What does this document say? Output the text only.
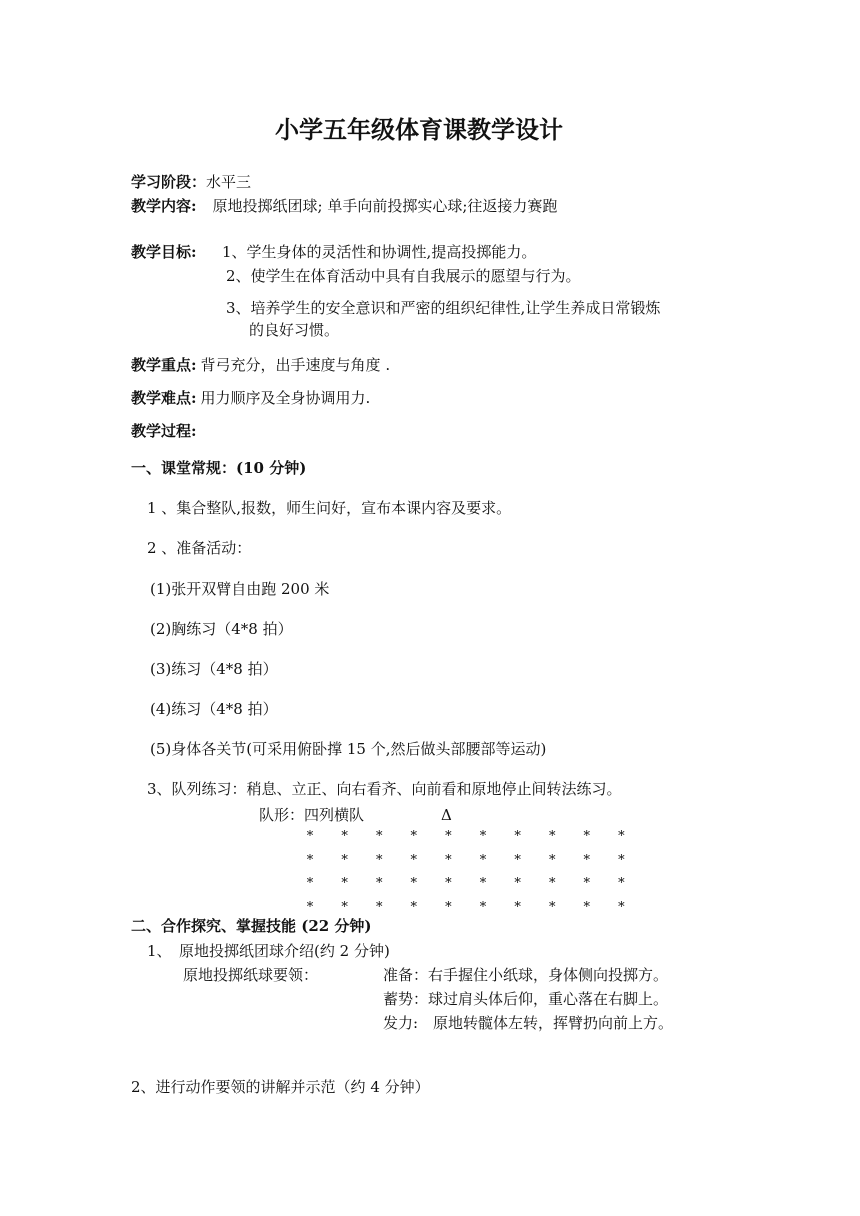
小学五年级体育课教学设计
学习阶段：水平三
教学内容: 原地投掷纸团球; 单手向前投掷实心球;往返接力赛跑
教学目标: 1、学生身体的灵活性和协调性,提高投掷能力。
2、使学生在体育活动中具有自我展示的愿望与行为。
3、培养学生的安全意识和严密的组织纪律性,让学生养成日常锻炼
的良好习惯。
教学重点: 背弓充分，出手速度与角度 .
教学难点: 用力顺序及全身协调用力.
教学过程:
一、课堂常规：(10 分钟)
1 、集合整队,报数，师生问好，宣布本课内容及要求。
2 、准备活动：
(1)张开双臂自由跑 200 米
(2)胸练习（4*8 拍）
(3)练习（4*8 拍）
(4)练习（4*8 拍）
(5)身体各关节(可采用俯卧撑 15 个,然后做头部腰部等运动)
3、队列练习：稍息、立正、向右看齐、向前看和原地停止间转法练习。
队形：四列横队	Δ
* * * * * * * * * *
* * * * * * * * * *
* * * * * * * * * *
* * * * * * * * * *
二、合作探究、掌握技能 (22 分钟)
1、　原地投掷纸团球介绍(约 2 分钟)
原地投掷纸球要领：	准备：右手握住小纸球，身体侧向投掷方。
蓄势：球过肩头体后仰，重心落在右脚上。
发力:　原地转髋体左转，挥臂扔向前上方。
2、进行动作要领的讲解并示范（约 4 分钟）
